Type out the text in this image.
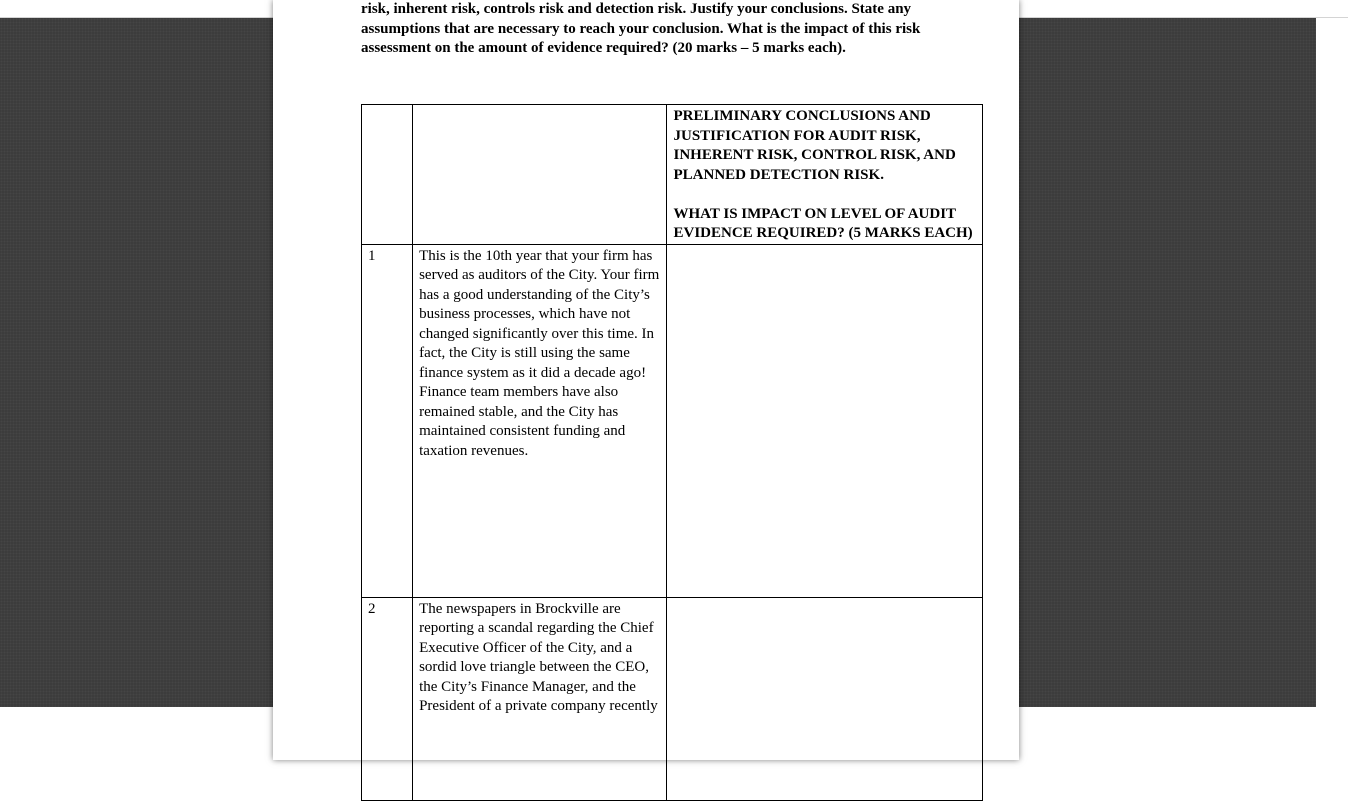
risk, inherent risk, controls risk and detection risk. Justify your conclusions. State any
assumptions that are necessary to reach your conclusion. What is the impact of this risk
assessment on the amount of evidence required? (20 marks – 5 marks each).

		PRELIMINARY CONCLUSIONS AND JUSTIFICATION FOR AUDIT RISK, INHERENT RISK, CONTROL RISK, AND PLANNED DETECTION RISK.

WHAT IS IMPACT ON LEVEL OF AUDIT EVIDENCE REQUIRED? (5 MARKS EACH)

1	This is the 10th year that your firm has served as auditors of the City. Your firm has a good understanding of the City’s business processes, which have not changed significantly over this time. In fact, the City is still using the same finance system as it did a decade ago! Finance team members have also remained stable, and the City has maintained consistent funding and taxation revenues.	

2	The newspapers in Brockville are reporting a scandal regarding the Chief Executive Officer of the City, and a sordid love triangle between the CEO, the City’s Finance Manager, and the President of a private company recently	
